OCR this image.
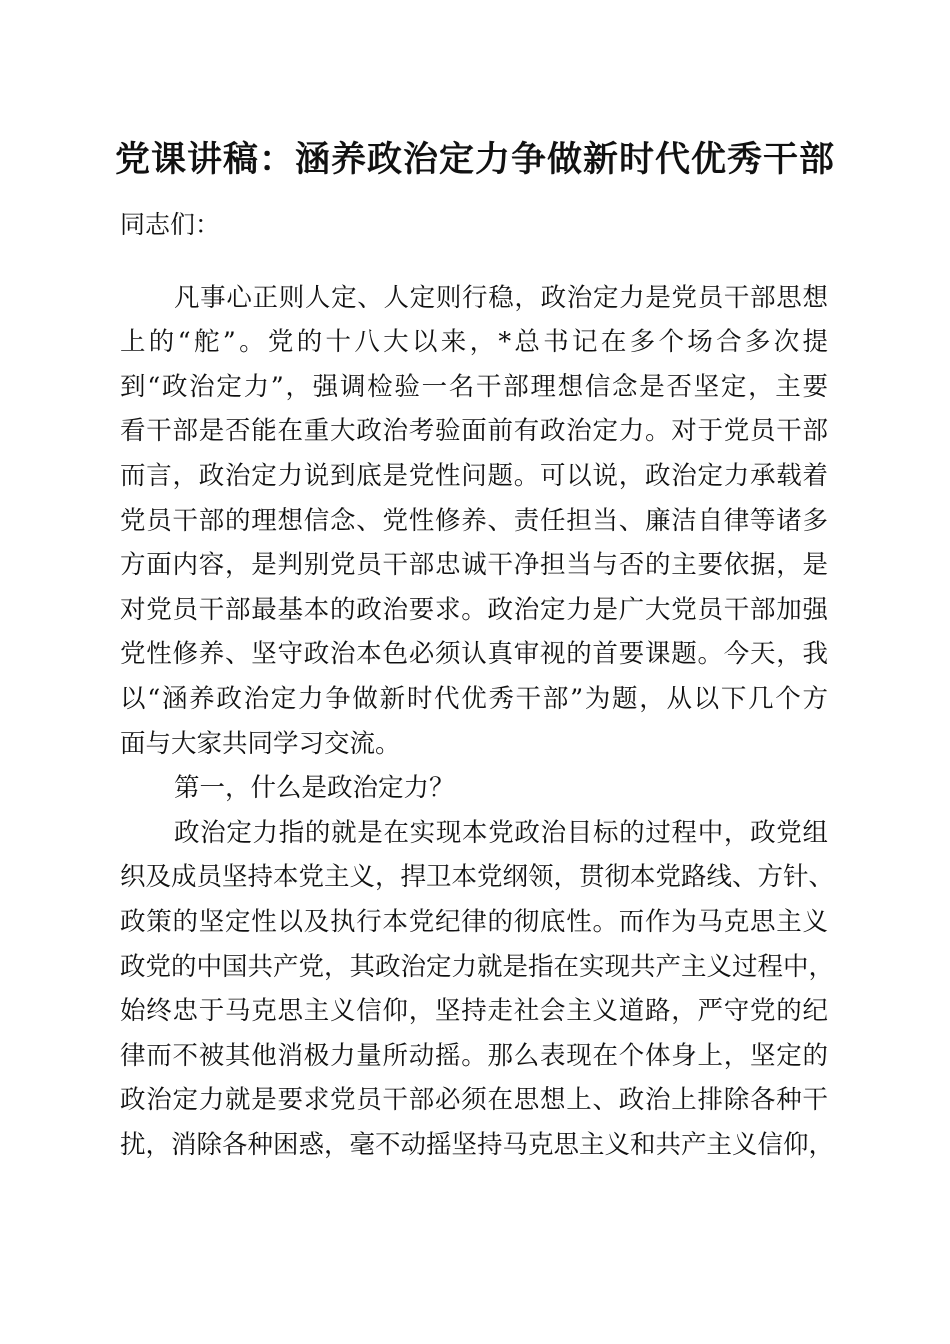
党课讲稿：涵养政治定力争做新时代优秀干部
同志们：
凡事心正则人定、人定则行稳，政治定力是党员干部思想
上的“舵”。党的十八大以来，*总书记在多个场合多次提
到“政治定力”，强调检验一名干部理想信念是否坚定，主要
看干部是否能在重大政治考验面前有政治定力。对于党员干部
而言，政治定力说到底是党性问题。可以说，政治定力承载着
党员干部的理想信念、党性修养、责任担当、廉洁自律等诸多
方面内容，是判别党员干部忠诚干净担当与否的主要依据，是
对党员干部最基本的政治要求。政治定力是广大党员干部加强
党性修养、坚守政治本色必须认真审视的首要课题。今天，我
以“涵养政治定力争做新时代优秀干部”为题，从以下几个方
面与大家共同学习交流。
第一，什么是政治定力？
政治定力指的就是在实现本党政治目标的过程中，政党组
织及成员坚持本党主义，捍卫本党纲领，贯彻本党路线、方针、
政策的坚定性以及执行本党纪律的彻底性。而作为马克思主义
政党的中国共产党，其政治定力就是指在实现共产主义过程中，
始终忠于马克思主义信仰，坚持走社会主义道路，严守党的纪
律而不被其他消极力量所动摇。那么表现在个体身上，坚定的
政治定力就是要求党员干部必须在思想上、政治上排除各种干
扰，消除各种困惑，毫不动摇坚持马克思主义和共产主义信仰，
